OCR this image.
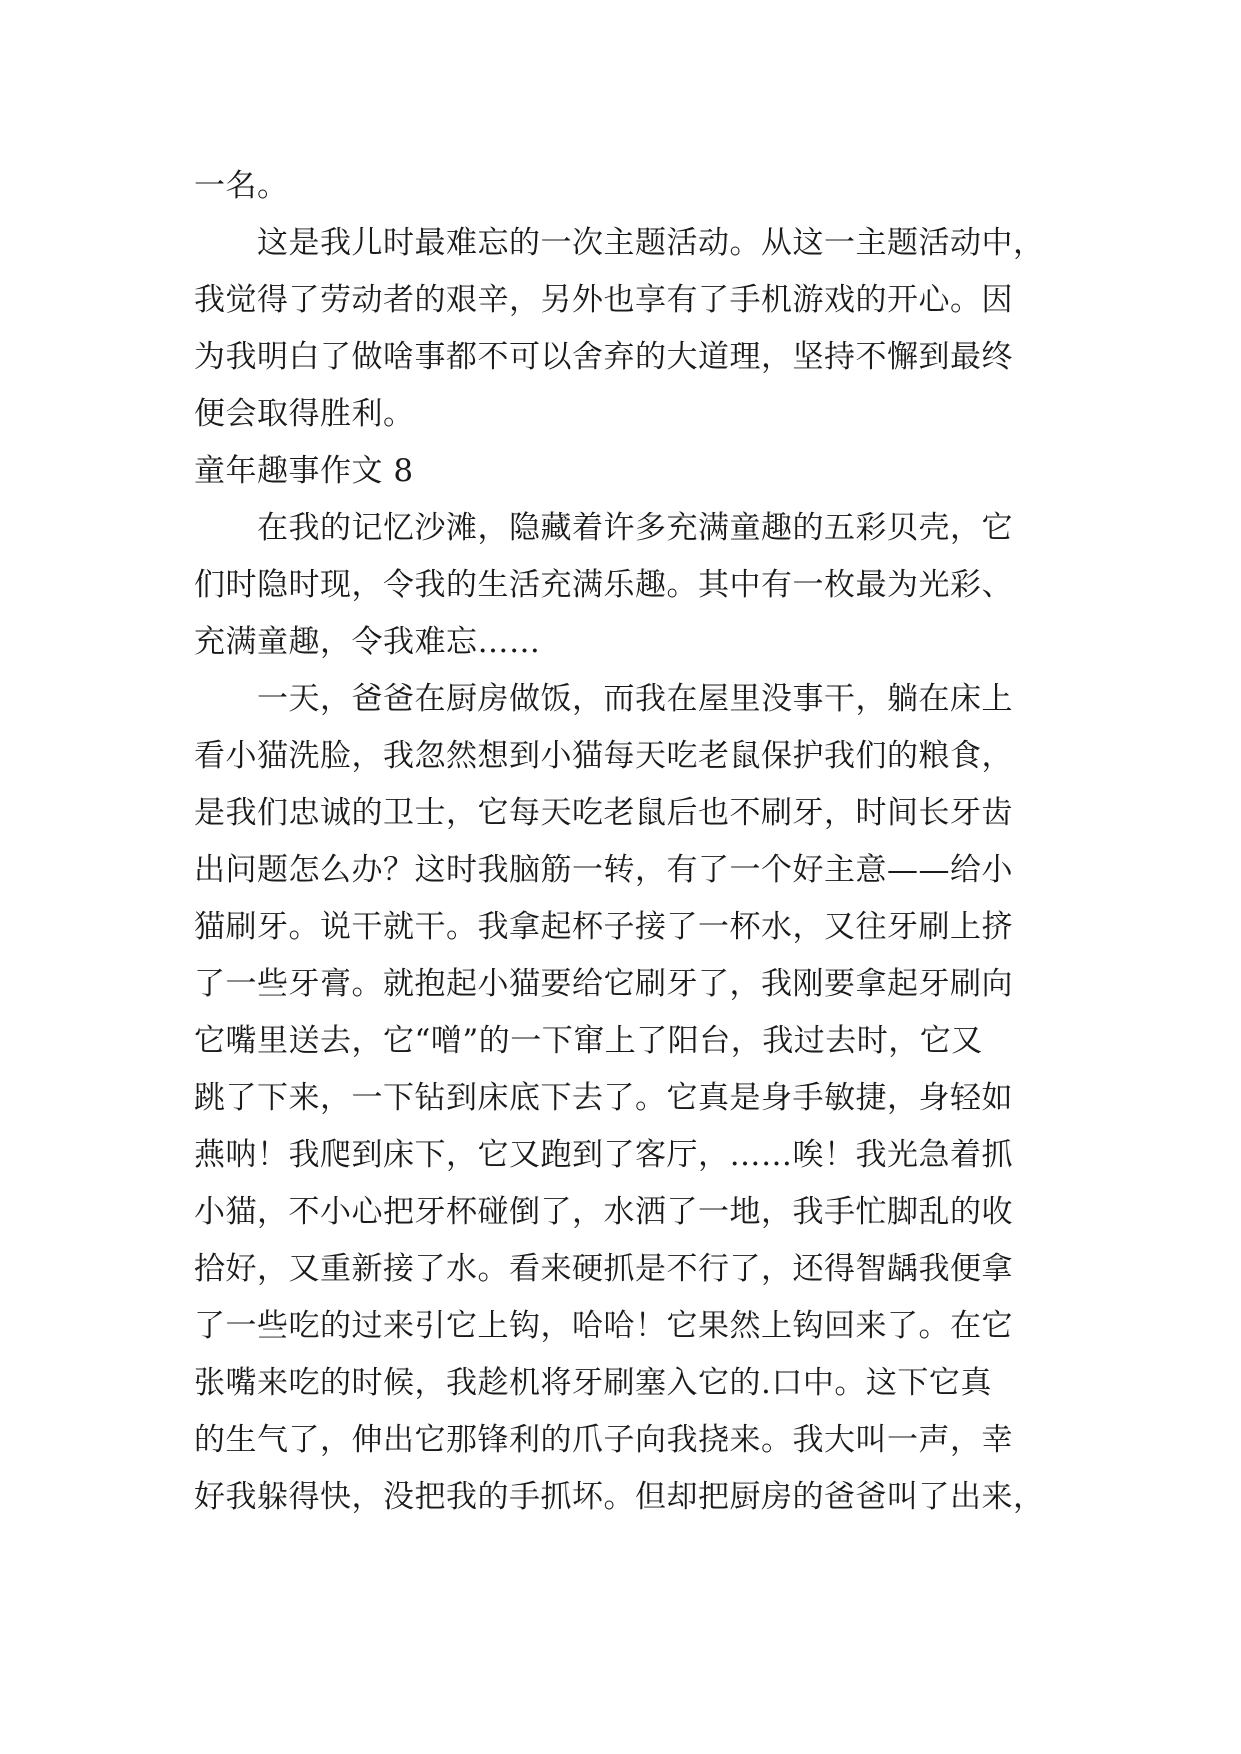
一名。
这是我儿时最难忘的一次主题活动。从这一主题活动中，
我觉得了劳动者的艰辛，另外也享有了手机游戏的开心。因
为我明白了做啥事都不可以舍弃的大道理，坚持不懈到最终
便会取得胜利。
童年趣事作文 8
在我的记忆沙滩，隐藏着许多充满童趣的五彩贝壳，它
们时隐时现，令我的生活充满乐趣。其中有一枚最为光彩、
充满童趣，令我难忘……
一天，爸爸在厨房做饭，而我在屋里没事干，躺在床上
看小猫洗脸，我忽然想到小猫每天吃老鼠保护我们的粮食，
是我们忠诚的卫士，它每天吃老鼠后也不刷牙，时间长牙齿
出问题怎么办？这时我脑筋一转，有了一个好主意——给小
猫刷牙。说干就干。我拿起杯子接了一杯水，又往牙刷上挤
了一些牙膏。就抱起小猫要给它刷牙了，我刚要拿起牙刷向
它嘴里送去，它“噌”的一下窜上了阳台，我过去时，它又
跳了下来，一下钻到床底下去了。它真是身手敏捷，身轻如
燕呐！我爬到床下，它又跑到了客厅，……唉！我光急着抓
小猫，不小心把牙杯碰倒了，水洒了一地，我手忙脚乱的收
拾好，又重新接了水。看来硬抓是不行了，还得智龋我便拿
了一些吃的过来引它上钩，哈哈！它果然上钩回来了。在它
张嘴来吃的时候，我趁机将牙刷塞入它的.口中。这下它真
的生气了，伸出它那锋利的爪子向我挠来。我大叫一声，幸
好我躲得快，没把我的手抓坏。但却把厨房的爸爸叫了出来，
